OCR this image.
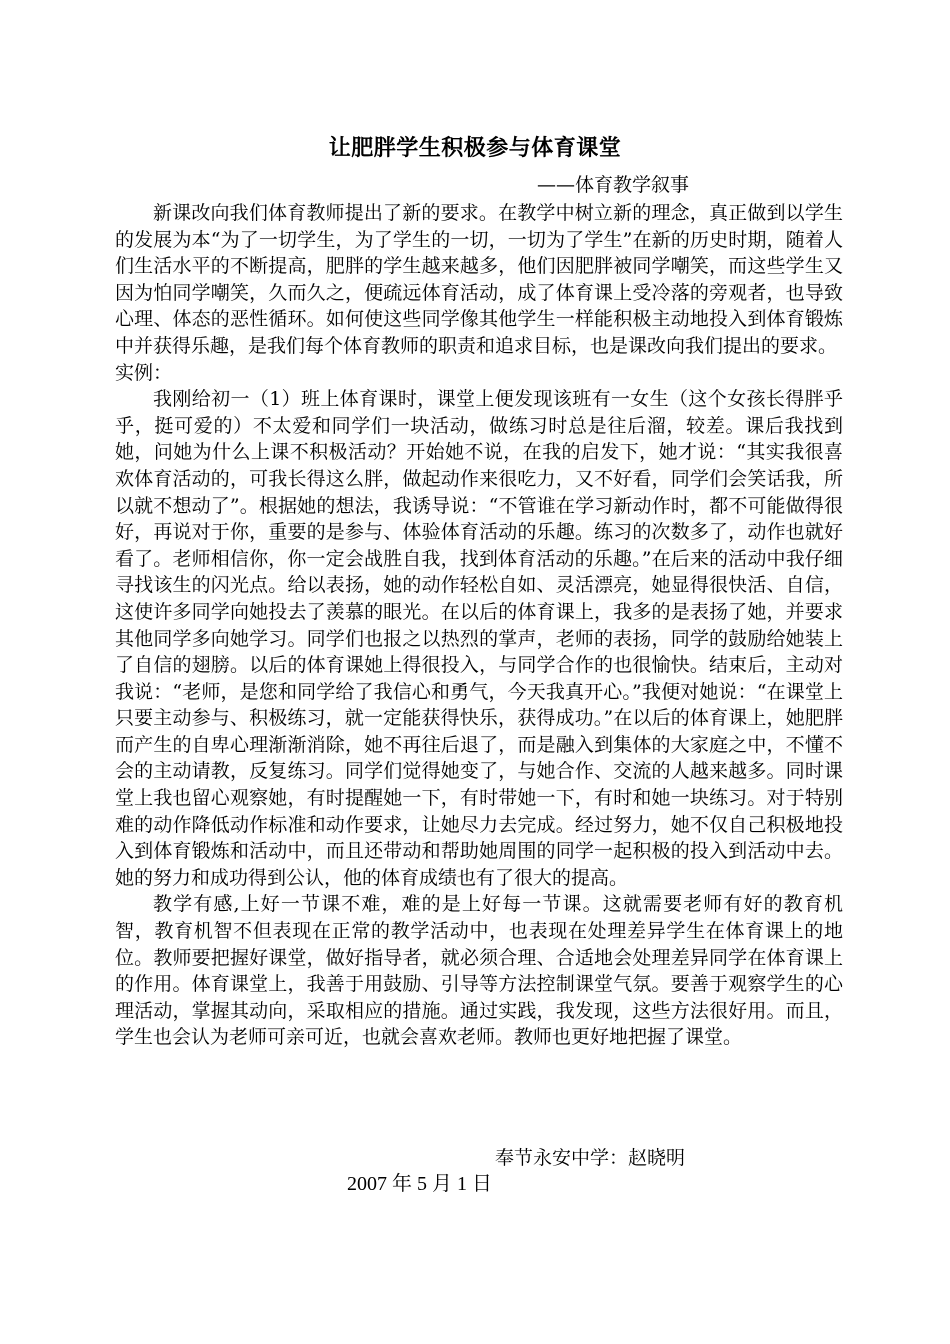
让肥胖学生积极参与体育课堂
——体育教学叙事

新课改向我们体育教师提出了新的要求。在教学中树立新的理念，真正做到以学生的发展为本“为了一切学生，为了学生的一切，一切为了学生”在新的历史时期，随着人们生活水平的不断提高，肥胖的学生越来越多，他们因肥胖被同学嘲笑，而这些学生又因为怕同学嘲笑，久而久之，便疏远体育活动，成了体育课上受冷落的旁观者，也导致心理、体态的恶性循环。如何使这些同学像其他学生一样能积极主动地投入到体育锻炼中并获得乐趣，是我们每个体育教师的职责和追求目标，也是课改向我们提出的要求。

实例：

我刚给初一（1）班上体育课时，课堂上便发现该班有一女生（这个女孩长得胖乎乎，挺可爱的）不太爱和同学们一块活动，做练习时总是往后溜，较差。课后我找到她，问她为什么上课不积极活动？开始她不说，在我的启发下，她才说：“其实我很喜欢体育活动的，可我长得这么胖，做起动作来很吃力，又不好看，同学们会笑话我，所以就不想动了”。根据她的想法，我诱导说：“不管谁在学习新动作时，都不可能做得很好，再说对于你，重要的是参与、体验体育活动的乐趣。练习的次数多了，动作也就好看了。老师相信你，你一定会战胜自我，找到体育活动的乐趣。”在后来的活动中我仔细寻找该生的闪光点。给以表扬，她的动作轻松自如、灵活漂亮，她显得很快活、自信，这使许多同学向她投去了羡慕的眼光。在以后的体育课上，我多的是表扬了她，并要求其他同学多向她学习。同学们也报之以热烈的掌声，老师的表扬，同学的鼓励给她装上了自信的翅膀。以后的体育课她上得很投入，与同学合作的也很愉快。结束后，主动对我说：“老师，是您和同学给了我信心和勇气，今天我真开心。”我便对她说：“在课堂上只要主动参与、积极练习，就一定能获得快乐，获得成功。”在以后的体育课上，她肥胖而产生的自卑心理渐渐消除，她不再往后退了，而是融入到集体的大家庭之中，不懂不会的主动请教，反复练习。同学们觉得她变了，与她合作、交流的人越来越多。同时课堂上我也留心观察她，有时提醒她一下，有时带她一下，有时和她一块练习。对于特别难的动作降低动作标准和动作要求，让她尽力去完成。经过努力，她不仅自己积极地投入到体育锻炼和活动中，而且还带动和帮助她周围的同学一起积极的投入到活动中去。她的努力和成功得到公认，他的体育成绩也有了很大的提高。

教学有感,上好一节课不难，难的是上好每一节课。这就需要老师有好的教育机智，教育机智不但表现在正常的教学活动中，也表现在处理差异学生在体育课上的地位。教师要把握好课堂，做好指导者，就必须合理、合适地会处理差异同学在体育课上的作用。体育课堂上，我善于用鼓励、引导等方法控制课堂气氛。要善于观察学生的心理活动，掌握其动向，采取相应的措施。通过实践，我发现，这些方法很好用。而且，学生也会认为老师可亲可近，也就会喜欢老师。教师也更好地把握了课堂。

奉节永安中学：赵晓明
2007 年 5 月 1 日
